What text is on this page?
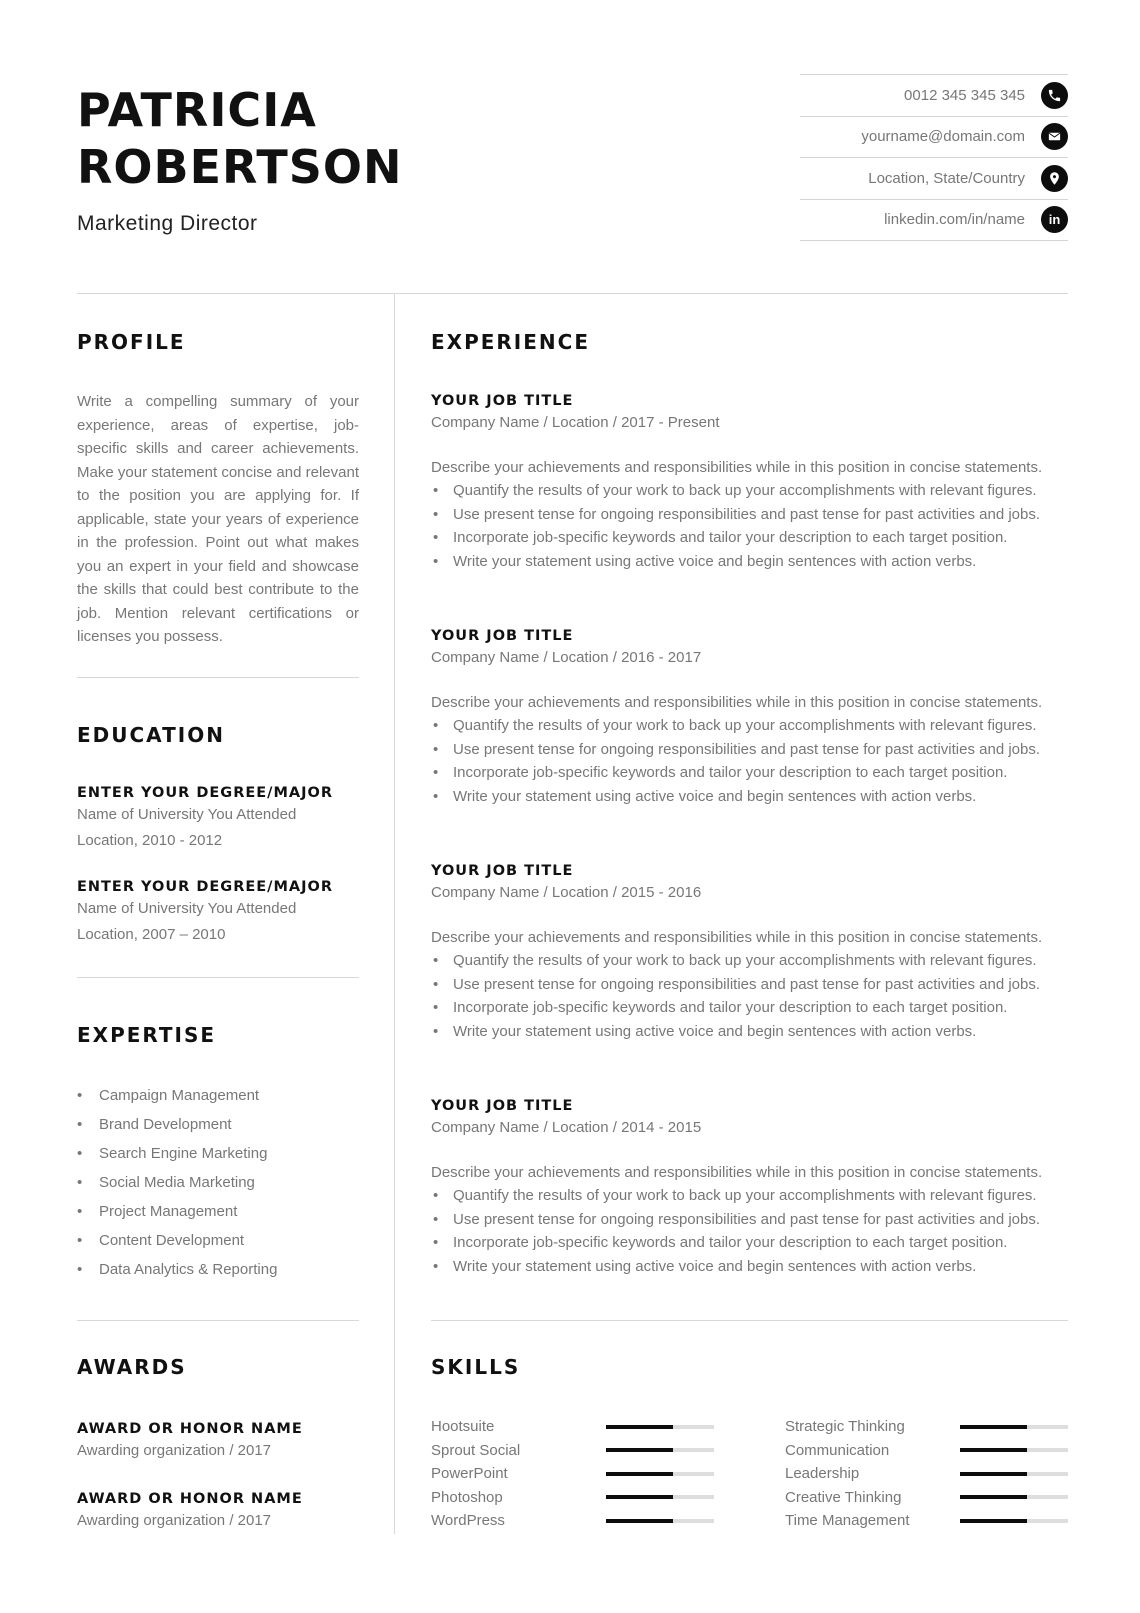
PATRICIA
ROBERTSON
Marketing Director
0012 345 345 345
yourname@domain.com
Location, State/Country
linkedin.com/in/name	in
PROFILE
Write a compelling summary of your experience, areas of expertise, job-specific skills and career achievements. Make your statement concise and relevant to the position you are applying for. If applicable, state your years of experience in the profession. Point out what makes you an expert in your field and showcase the skills that could best contribute to the job. Mention relevant certifications or licenses you possess.
EDUCATION
ENTER YOUR DEGREE/MAJOR
Name of University You Attended
Location, 2010 - 2012
ENTER YOUR DEGREE/MAJOR
Name of University You Attended
Location, 2007 – 2010
EXPERTISE
• Campaign Management
• Brand Development
• Search Engine Marketing
• Social Media Marketing
• Project Management
• Content Development
• Data Analytics & Reporting
AWARDS
AWARD OR HONOR NAME
Awarding organization / 2017
AWARD OR HONOR NAME
Awarding organization / 2017
EXPERIENCE
YOUR JOB TITLE
Company Name / Location / 2017 - Present
Describe your achievements and responsibilities while in this position in concise statements.
• Quantify the results of your work to back up your accomplishments with relevant figures.
• Use present tense for ongoing responsibilities and past tense for past activities and jobs.
• Incorporate job-specific keywords and tailor your description to each target position.
• Write your statement using active voice and begin sentences with action verbs.
YOUR JOB TITLE
Company Name / Location / 2016 - 2017
Describe your achievements and responsibilities while in this position in concise statements.
• Quantify the results of your work to back up your accomplishments with relevant figures.
• Use present tense for ongoing responsibilities and past tense for past activities and jobs.
• Incorporate job-specific keywords and tailor your description to each target position.
• Write your statement using active voice and begin sentences with action verbs.
YOUR JOB TITLE
Company Name / Location / 2015 - 2016
Describe your achievements and responsibilities while in this position in concise statements.
• Quantify the results of your work to back up your accomplishments with relevant figures.
• Use present tense for ongoing responsibilities and past tense for past activities and jobs.
• Incorporate job-specific keywords and tailor your description to each target position.
• Write your statement using active voice and begin sentences with action verbs.
YOUR JOB TITLE
Company Name / Location / 2014 - 2015
Describe your achievements and responsibilities while in this position in concise statements.
• Quantify the results of your work to back up your accomplishments with relevant figures.
• Use present tense for ongoing responsibilities and past tense for past activities and jobs.
• Incorporate job-specific keywords and tailor your description to each target position.
• Write your statement using active voice and begin sentences with action verbs.
SKILLS
Hootsuite
Sprout Social
PowerPoint
Photoshop
WordPress
Strategic Thinking
Communication
Leadership
Creative Thinking
Time Management
